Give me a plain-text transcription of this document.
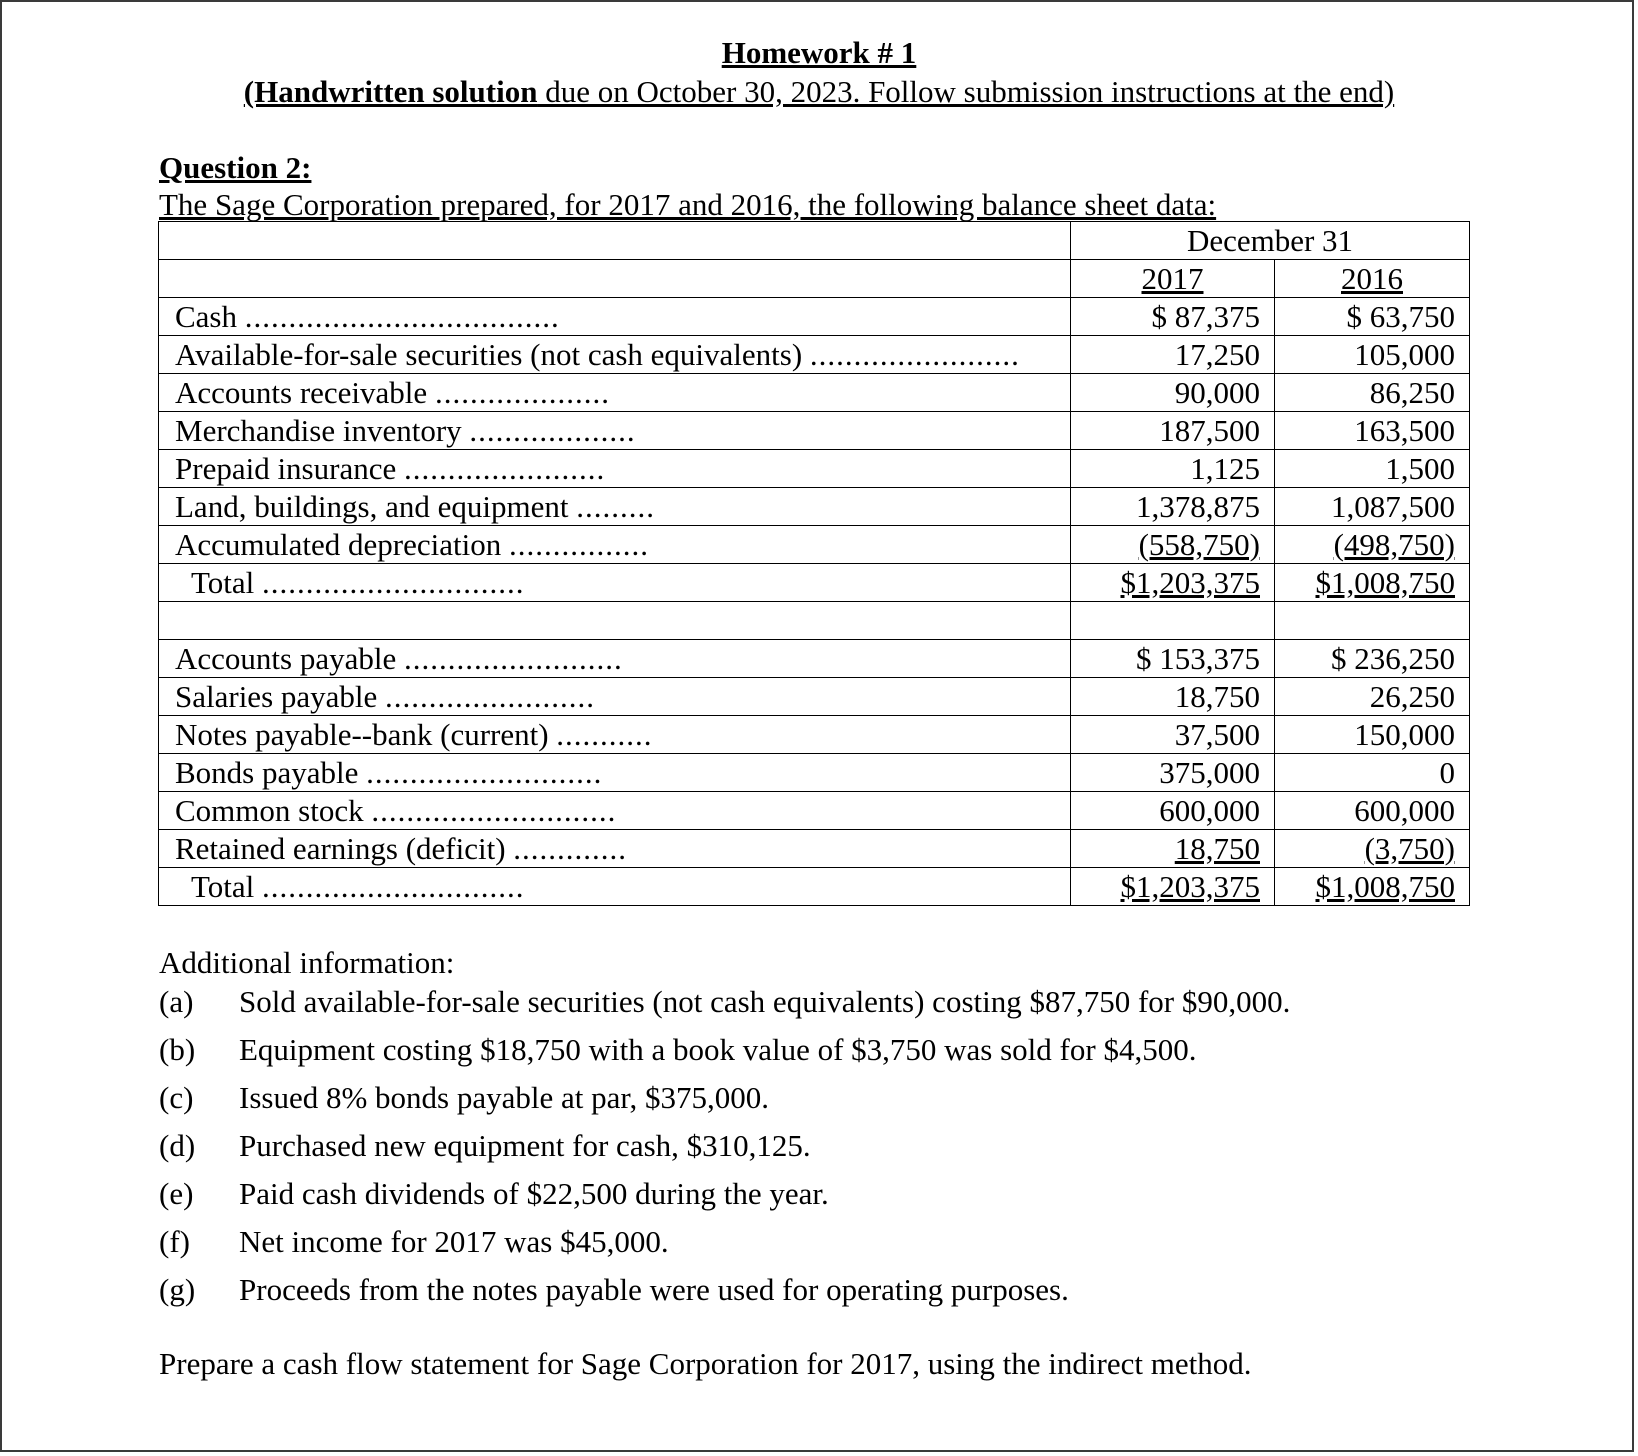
Homework # 1
(Handwritten solution due on October 30, 2023. Follow submission instructions at the end)
Question 2:
The Sage Corporation prepared, for 2017 and 2016, the following balance sheet data:
	December 31	
	2017	2016
Cash ....................................	$ 87,375	$ 63,750
Available-for-sale securities (not cash equivalents) ........................	17,250	105,000
Accounts receivable ....................	90,000	86,250
Merchandise inventory ...................	187,500	163,500
Prepaid insurance .......................	1,125	1,500
Land, buildings, and equipment .........	1,378,875	1,087,500
Accumulated depreciation ................	(558,750)	(498,750)
Total ..............................	$1,203,375	$1,008,750

Accounts payable .........................	$ 153,375	$ 236,250
Salaries payable ........................	18,750	26,250
Notes payable--bank (current) ...........	37,500	150,000
Bonds payable ...........................	375,000	0
Common stock ............................	600,000	600,000
Retained earnings (deficit) .............	18,750	(3,750)
Total ..............................	$1,203,375	$1,008,750
Additional information:
(a)	Sold available-for-sale securities (not cash equivalents) costing $87,750 for $90,000.
(b)	Equipment costing $18,750 with a book value of $3,750 was sold for $4,500.
(c)	Issued 8% bonds payable at par, $375,000.
(d)	Purchased new equipment for cash, $310,125.
(e)	Paid cash dividends of $22,500 during the year.
(f)	Net income for 2017 was $45,000.
(g)	Proceeds from the notes payable were used for operating purposes.
Prepare a cash flow statement for Sage Corporation for 2017, using the indirect method.
